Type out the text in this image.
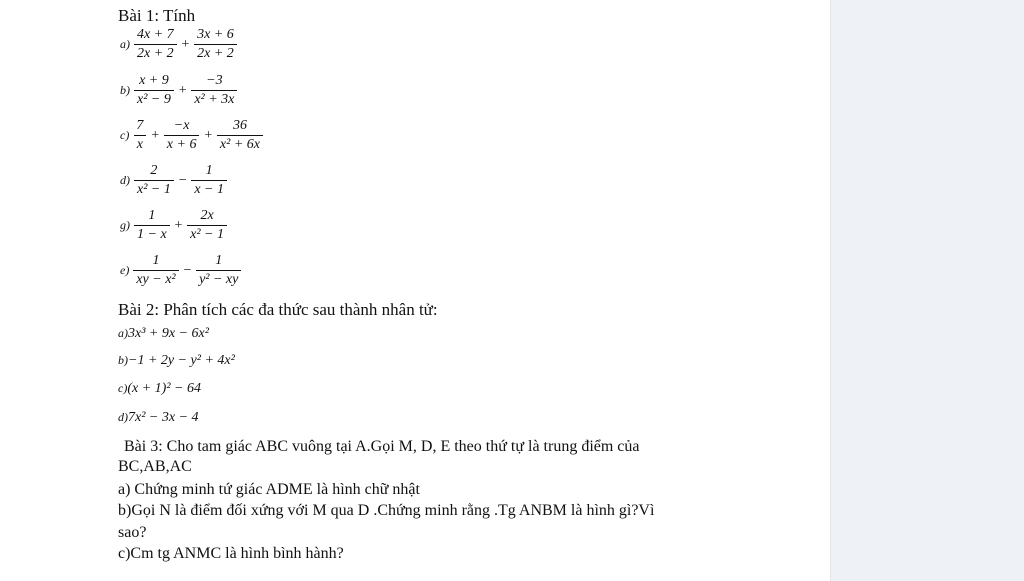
Bài 1: Tính
$a) \frac{4x + 7}{2x + 2} + \frac{3x + 6}{2x + 2}$
$b) \frac{x + 9}{\text{x² − 9}} + \frac{-3}{\text{x² + 3x}}$
$c) \frac{7}{x} + \frac{-x}{x + 6} + \frac{36}{\text{x² + 6x}}$
$d) \frac{2}{\text{x² − 1}} - \frac{1}{x - 1}$
$g) \frac{1}{1 - x} + \frac{2x}{\text{x² − 1}}$
$e) \frac{1}{\text{xy − x²}} - \frac{1}{\text{y² − xy}}$
Bài 2: Phân tích các đa thức sau thành nhân tử:
a)3x³ + 9x − 6x²
b)−1 + 2y − y² + 4x²
c)(x + 1)² − 64
d)7x² − 3x − 4
Bài 3: Cho tam giác ABC vuông tại A.Gọi M, D, E theo thứ tự là trung điểm của
BC,AB,AC
a) Chứng minh tứ giác ADME là hình chữ nhật
b)Gọi N là điểm đối xứng với M qua D .Chứng minh rằng .Tg ANBM là hình gì?Vì
sao?
c)Cm tg ANMC là hình bình hành?
